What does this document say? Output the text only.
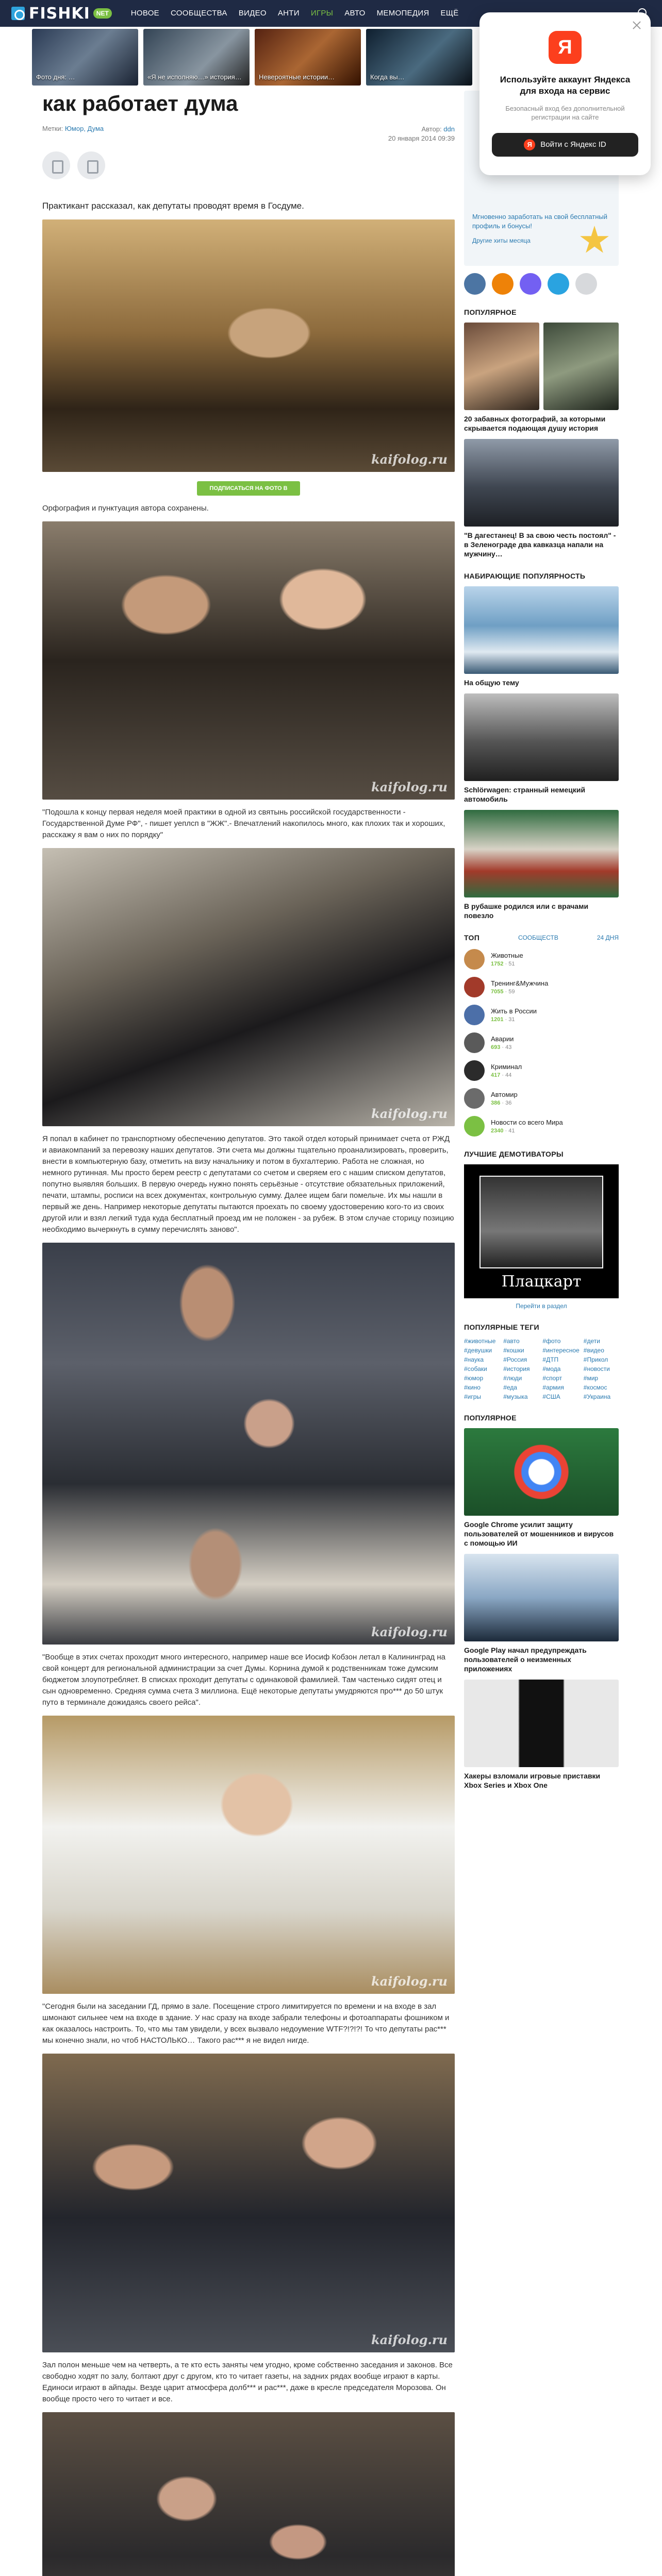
FISHKI	NET	НОВОЕ	СООБЩЕСТВА	ВИДЕО	АНТИ	ИГРЫ	АВТО	МЕМОПЕДИЯ	ЕЩЁ
Фото дня: …	«Я не исполняю…» история…	Невероятные истории…	Когда вы…
как работает дума
Метки: Юмор, Дума	Автор: ddn
20 января 2014 09:39

Практикант рассказал, как депутаты проводят время в Госдуме.

kaifolog.ru
ПОДПИСАТЬСЯ НА ФОТО В ГАЛЕРЕЕ

Орфография и пунктуация автора сохранены.

kaifolog.ru

"Подошла к концу первая неделя моей практики в одной из святынь российской государственности - Государственной Думе РФ", - пишет уеплсп в "ЖЖ".- Впечатлений накопилось много, как плохих так и хороших, расскажу я вам о них по порядку"

kaifolog.ru

Я попал в кабинет по транспортному обеспечению депутатов. Это такой отдел который принимает счета от РЖД и авиакомпаний за перевозку наших депутатов. Эти счета мы должны тщательно проанализировать, проверить, внести в компьютерную базу, отметить на визу начальнику и потом в бухгалтерию. Работа не сложная, но немного рутинная. Мы просто берем реестр с депутатами со счетом и сверяем его с нашим списком депутатов, попутно выявляя больших. В первую очередь нужно понять серьёзные - отсутствие обязательных приложений, печати, штампы, росписи на всех документах, контрольную сумму. Далее ищем баги помельче. Их мы нашли в первый же день. Например некоторые депутаты пытаются проехать по своему удостоверению кого-то из своих другой или и взял легкий туда куда бесплатный проезд им не положен - за рубеж. В этом случае сторицу позицию необходимо вычеркнуть в сумму перечислять заново".

kaifolog.ru

"Вообще в этих счетах проходит много интересного, например наше все Иосиф Кобзон летал в Калининград на свой концерт для региональной администрации за счет Думы. Корнина думой к родственникам тоже думским бюджетом злоупотребляет. В списках проходит депутаты с одинаковой фамилией. Там частенько сидят отец и сын одновременно. Средняя сумма счета 3 миллиона. Ещё некоторые депутаты умудряются про*** до 50 штук путо в терминале дожидаясь своего рейса".

kaifolog.ru

"Сегодня были на заседании ГД, прямо в зале. Посещение строго лимитируется по времени и на входе в зал шмонают сильнее чем на входе в здание. У нас сразу на входе забрали телефоны и фотоаппараты фошником и как оказалось настроить. То, что мы там увидели, у всех вызвало недоумение WTF?!?!?! То что депутаты рас*** мы конечно знали, но чтоб НАСТОЛЬКО… Такого рас*** я не видел нигде.

kaifolog.ru

Зал полон меньше чем на четверть, а те кто есть заняты чем угодно, кроме собственно заседания и законов. Все свободно ходят по залу, болтают друг с другом, кто то читает газеты, на задних рядах вообще играют в карты. Единоси играют в айпады. Везде царит атмосфера долб*** и рас***, даже в кресле председателя Морозова. Он вообще просто чего то читает и все.

Мгновенно заработать на свой бесплатный профиль и бонусы!
Другие хиты месяца
ПОПУЛЯРНОЕ
20 забавных фотографий, за которыми скрывается подающая душу история
"В дагестанец! В за свою честь постоял" - в Зеленограде два кавказца напали на мужчину…
НАБИРАЮЩИЕ ПОПУЛЯРНОСТЬ
На общую тему
Schlörwagen: странный немецкий автомобиль
В рубашке родился или с врачами повезло
ТОП	СООБЩЕСТВ	24 ДНЯ
Животные
1752 · 51
Тренинг&Мужчина
7055 · 59
Жить в России
1201 · 31
Аварии
693 · 43
Криминал
417 · 44
Автомир
386 · 36
Новости со всего Мира
2340 · 41
ЛУЧШИЕ ДЕМОТИВАТОРЫ
Плацкарт
Перейти в раздел
ПОПУЛЯРНЫЕ ТЕГИ
#животные	#авто	#фото	#дети
#девушки	#кошки	#интересное #видео
#наука	#Россия	#ДТП	#Прикол
#собаки	#история	#мода	#новости
#юмор	#люди	#спорт	#мир
#кино	#еда	#армия	#космос
#игры	#музыка	#США	#Украина
ПОПУЛЯРНОЕ
Google Chrome усилит защиту пользователей от мошенников и вирусов с помощью ИИ
Google Play начал предупреждать пользователей о неизменных приложениях
Хакеры взломали игровые приставки Xbox Series и Xbox One
Я
Используйте аккаунт Яндекса для входа на сервис
Безопасный вход без дополнительной регистрации на сайте
Я	Войти с Яндекс ID
